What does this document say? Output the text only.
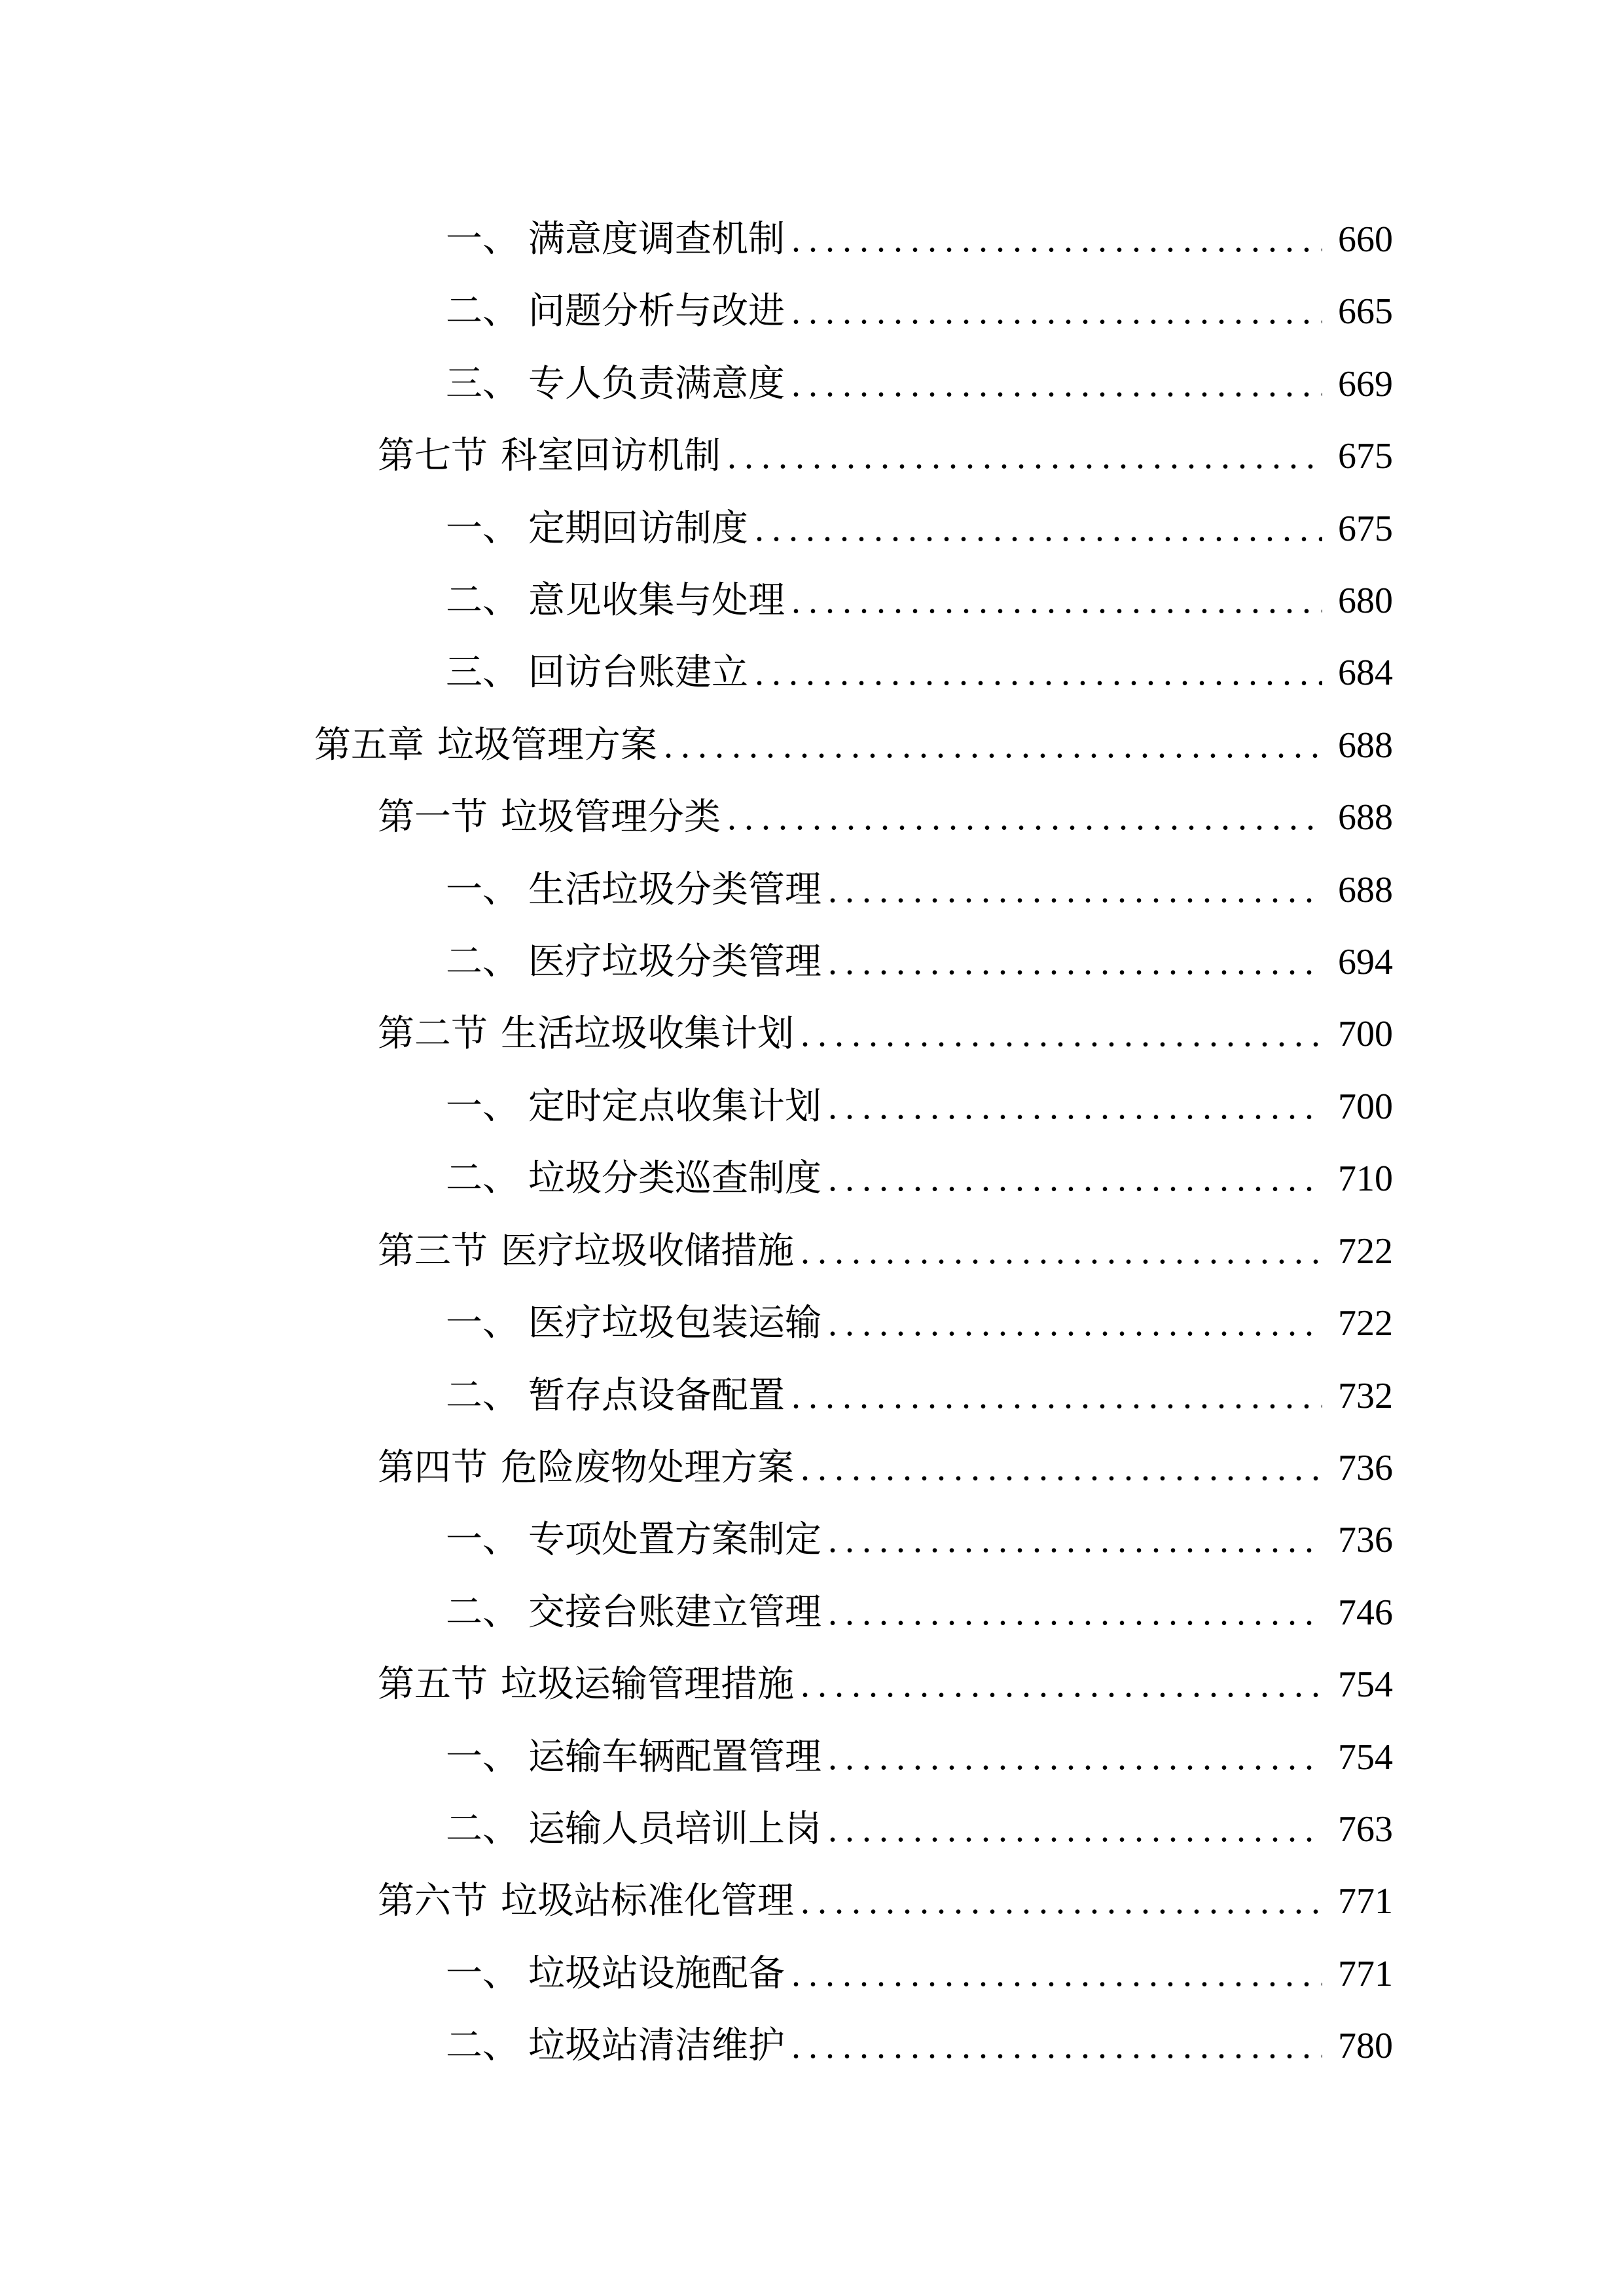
一、 满意度调查机制 .....	660
二、 问题分析与改进 .....	665
三、 专人负责满意度 .....	669
第七节 科室回访机制 .....	675
一、 定期回访制度 .....	675
二、 意见收集与处理 .....	680
三、 回访台账建立 .....	684
第五章 垃圾管理方案 .....	688
第一节 垃圾管理分类 .....	688
一、 生活垃圾分类管理 .....	688
二、 医疗垃圾分类管理 .....	694
第二节 生活垃圾收集计划 .....	700
一、 定时定点收集计划 .....	700
二、 垃圾分类巡查制度 .....	710
第三节 医疗垃圾收储措施 .....	722
一、 医疗垃圾包装运输 .....	722
二、 暂存点设备配置 .....	732
第四节 危险废物处理方案 .....	736
一、 专项处置方案制定 .....	736
二、 交接台账建立管理 .....	746
第五节 垃圾运输管理措施 .....	754
一、 运输车辆配置管理 .....	754
二、 运输人员培训上岗 .....	763
第六节 垃圾站标准化管理 .....	771
一、 垃圾站设施配备 .....	771
二、 垃圾站清洁维护 .....	780
